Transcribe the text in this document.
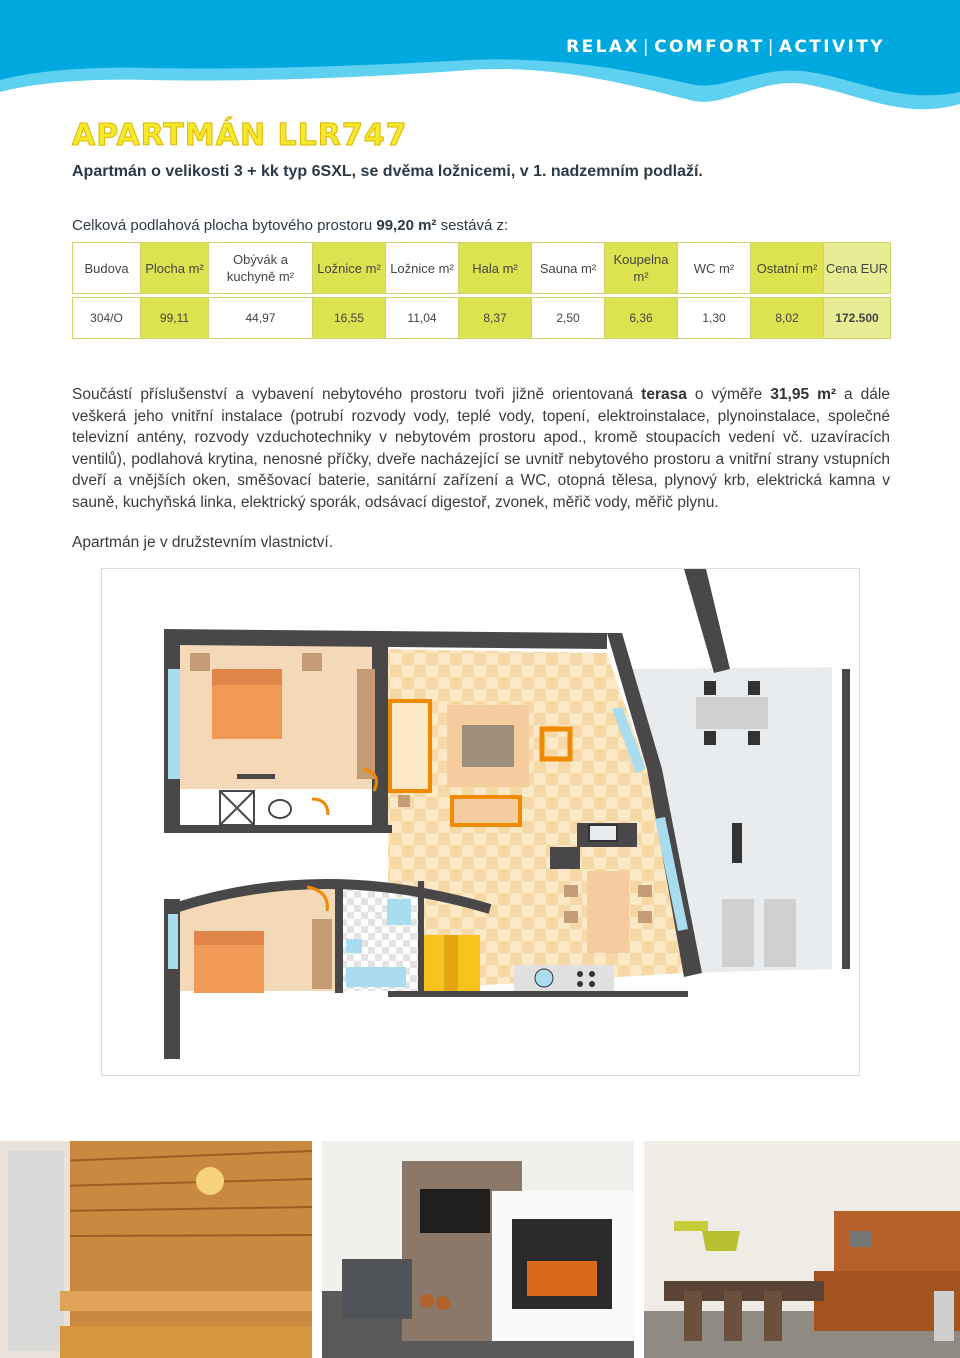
RELAX | COMFORT | ACTIVITY
APARTMÁN LLR747

Apartmán o velikosti 3 + kk typ 6SXL, se dvěma ložnicemi, v 1. nadzemním podlaží.

Celková podlahová plocha bytového prostoru 99,20 m² sestává z:

Budova	Plocha m²	Obývák a kuchyně m²	Ložnice m²	Ložnice m²	Hala m²	Sauna m²	Koupelna m²	WC m²	Ostatní m²	Cena EUR

304/O	99,11	44,97	16,55	11,04	8,37	2,50	6,36	1,30	8,02	172.500

Součástí příslušenství a vybavení nebytového prostoru tvoři jižně orientovaná terasa o výměře 31,95 m² a dále veškerá jeho vnitřní instalace (potrubí rozvody vody, teplé vody, topení, elektroinstalace, plynoinstalace, společné televizní antény, rozvody vzduchotechniky v nebytovém prostoru apod., kromě stoupacích vedení vč. uzavíracích ventilů), podlahová krytina, nenosné příčky, dveře nacházející se uvnitř nebytového prostoru a vnitřní strany vstupních dveří a vnějších oken, směšovací baterie, sanitární zařízení a WC, otopná tělesa, plynový krb, elektrická kamna v sauně, kuchyňská linka, elektrický sporák, odsávací digestoř, zvonek, měřič vody, měřič plynu.

Apartmán je v družstevním vlastnictví.
